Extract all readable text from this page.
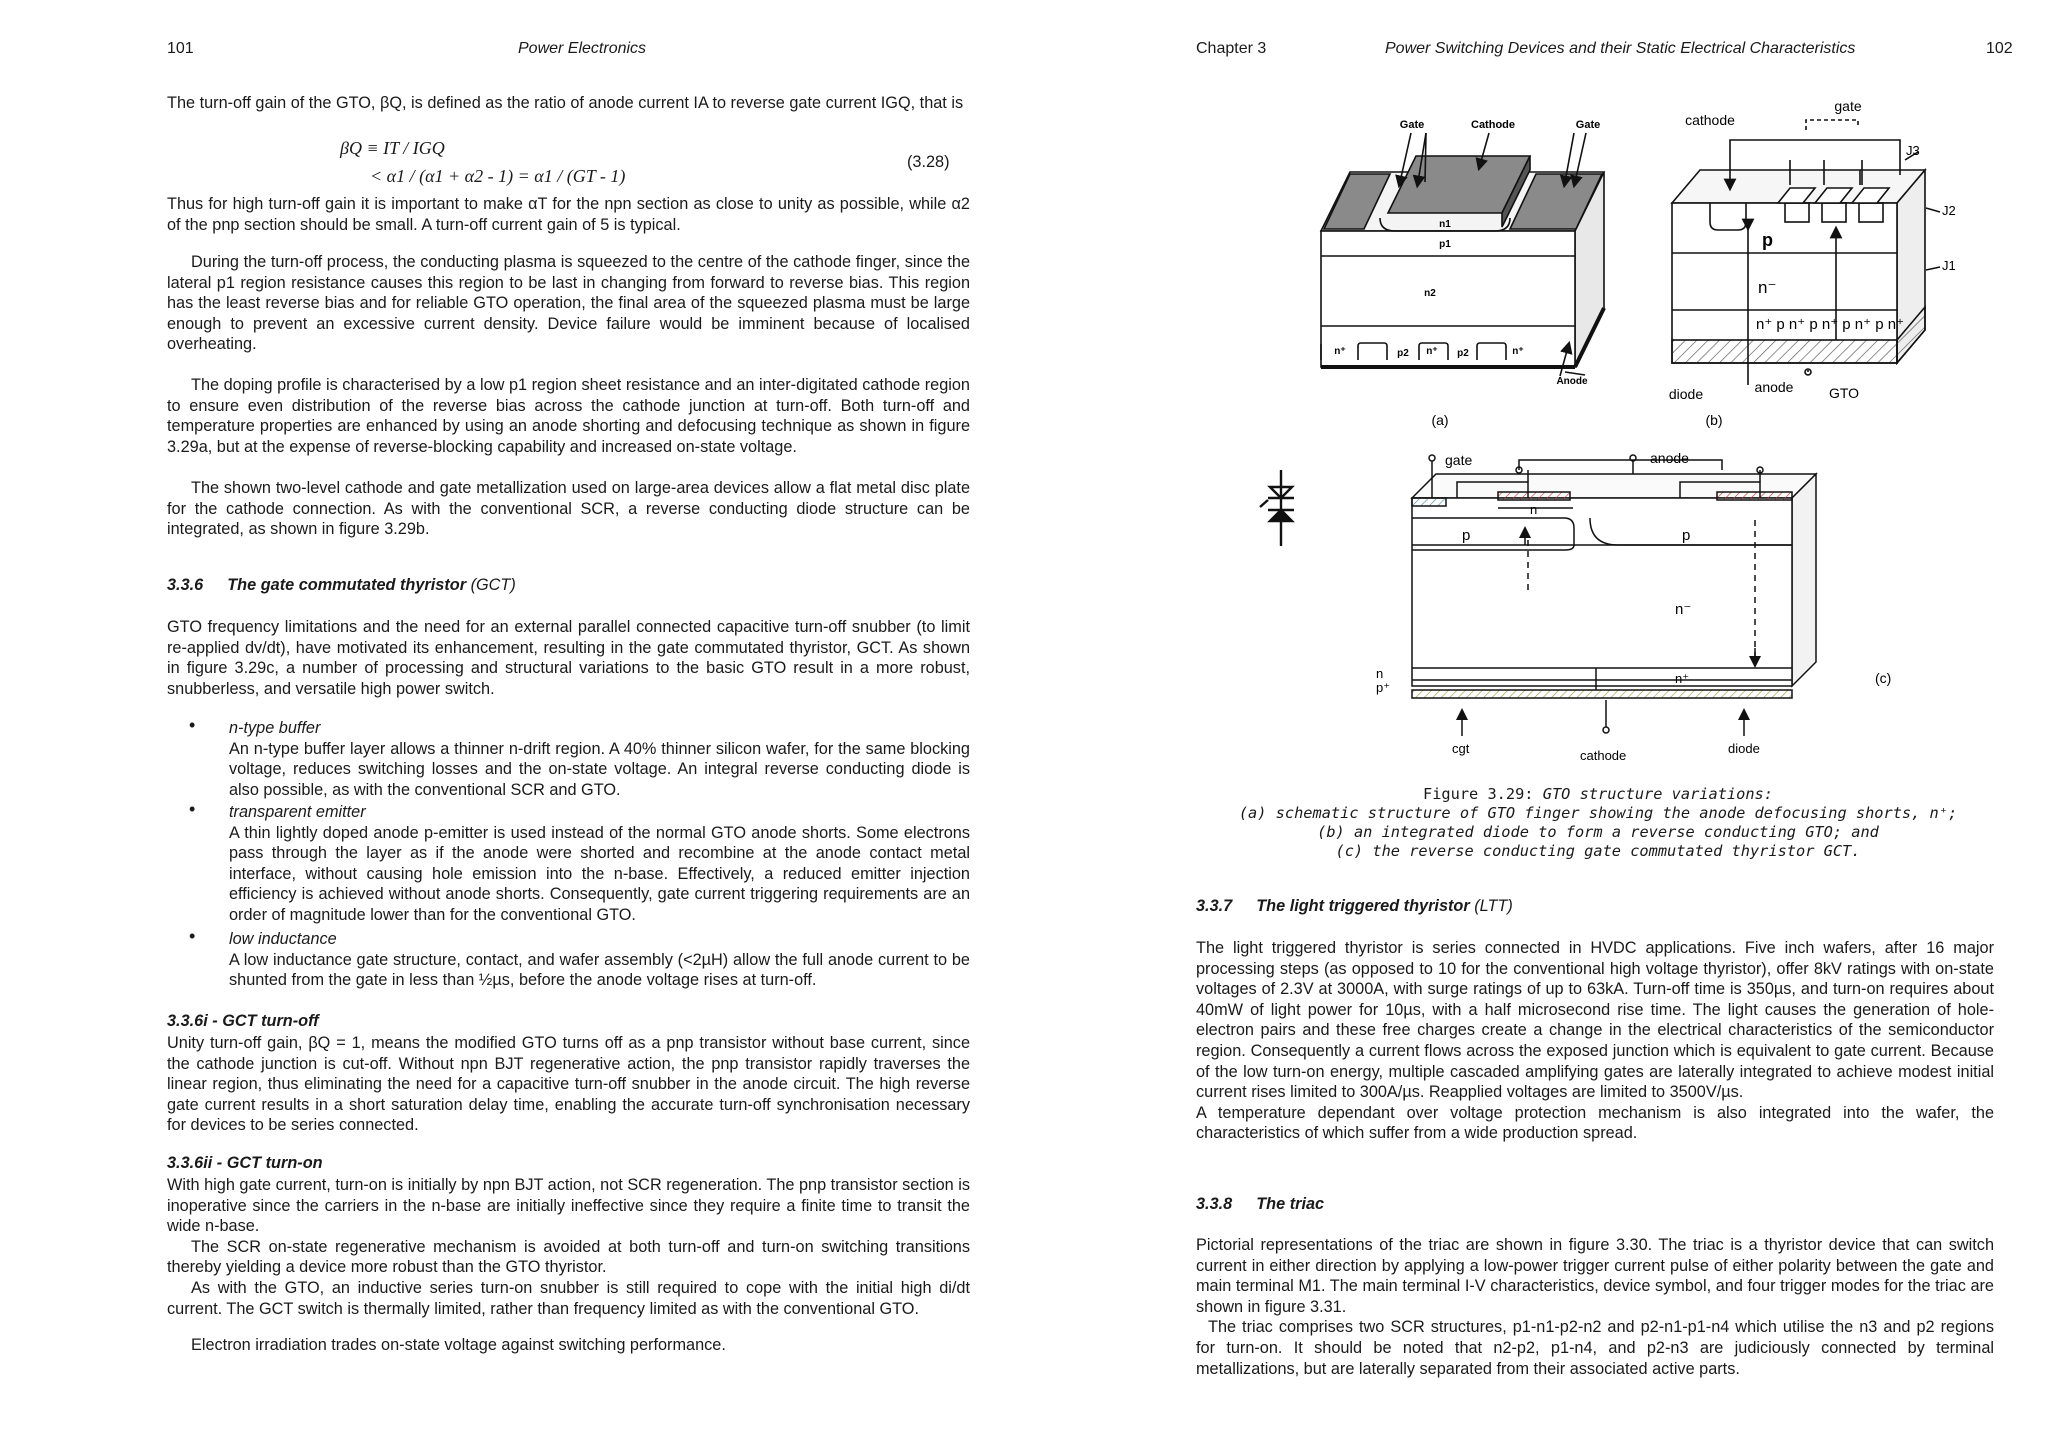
101	Power Electronics

The turn-off gain of the GTO, βQ, is defined as the ratio of anode current IA to reverse gate current IGQ, that is

βQ ≡ IT / IGQ
< α1 / (α1 + α2 - 1) = α1 / (GT - 1)
(3.28)

Thus for high turn-off gain it is important to make αT for the npn section as close to unity as possible, while α2 of the pnp section should be small. A turn-off current gain of 5 is typical.

During the turn-off process, the conducting plasma is squeezed to the centre of the cathode finger, since the lateral p1 region resistance causes this region to be last in changing from forward to reverse bias. This region has the least reverse bias and for reliable GTO operation, the final area of the squeezed plasma must be large enough to prevent an excessive current density. Device failure would be imminent because of localised overheating.

The doping profile is characterised by a low p1 region sheet resistance and an inter-digitated cathode region to ensure even distribution of the reverse bias across the cathode junction at turn-off. Both turn-off and temperature properties are enhanced by using an anode shorting and defocusing technique as shown in figure 3.29a, but at the expense of reverse-blocking capability and increased on-state voltage.

The shown two-level cathode and gate metallization used on large-area devices allow a flat metal disc plate for the cathode connection. As with the conventional SCR, a reverse conducting diode structure can be integrated, as shown in figure 3.29b.

3.3.6 The gate commutated thyristor (GCT)

GTO frequency limitations and the need for an external parallel connected capacitive turn-off snubber (to limit re-applied dv/dt), have motivated its enhancement, resulting in the gate commutated thyristor, GCT. As shown in figure 3.29c, a number of processing and structural variations to the basic GTO result in a more robust, snubberless, and versatile high power switch.

• n-type buffer

An n-type buffer layer allows a thinner n-drift region. A 40% thinner silicon wafer, for the same blocking voltage, reduces switching losses and the on-state voltage. An integral reverse conducting diode is also possible, as with the conventional SCR and GTO.

• transparent emitter

A thin lightly doped anode p-emitter is used instead of the normal GTO anode shorts. Some electrons pass through the layer as if the anode were shorted and recombine at the anode contact metal interface, without causing hole emission into the n-base. Effectively, a reduced emitter injection efficiency is achieved without anode shorts. Consequently, gate current triggering requirements are an order of magnitude lower than for the conventional GTO.

• low inductance

A low inductance gate structure, contact, and wafer assembly (<2µH) allow the full anode current to be shunted from the gate in less than ½µs, before the anode voltage rises at turn-off.

3.3.6i - GCT turn-off

Unity turn-off gain, βQ = 1, means the modified GTO turns off as a pnp transistor without base current, since the cathode junction is cut-off. Without npn BJT regenerative action, the pnp transistor rapidly traverses the linear region, thus eliminating the need for a capacitive turn-off snubber in the anode circuit. The high reverse gate current results in a short saturation delay time, enabling the accurate turn-off synchronisation necessary for devices to be series connected.

3.3.6ii - GCT turn-on

With high gate current, turn-on is initially by npn BJT action, not SCR regeneration. The pnp transistor section is inoperative since the carriers in the n-base are initially ineffective since they require a finite time to transit the wide n-base.

The SCR on-state regenerative mechanism is avoided at both turn-off and turn-on switching transitions thereby yielding a device more robust than the GTO thyristor.

As with the GTO, an inductive series turn-on snubber is still required to cope with the initial high di/dt current. The GCT switch is thermally limited, rather than frequency limited as with the conventional GTO.

Electron irradiation trades on-state voltage against switching performance.

Chapter 3	Power Switching Devices and their Static Electrical Characteristics	102
Gate	Cathode	Gate
n1
p1
n2
n⁺	p2 n⁺ p2	n⁺
Anode
(a)
cathode
gate
J3
J2
J1
p
n⁻
n⁺ p n⁺ p n⁺ p n⁺ p n⁺
diode	anode	GTO
(b)
gate	anode
n
p	p
n⁻
n⁺
n
p⁺
cgt	cathode	diode
(c)
Figure 3.29: GTO structure variations:
(a) schematic structure of GTO finger showing the anode defocusing shorts, n⁺;
(b) an integrated diode to form a reverse conducting GTO; and
(c) the reverse conducting gate commutated thyristor GCT.
3.3.7 The light triggered thyristor (LTT)

The light triggered thyristor is series connected in HVDC applications. Five inch wafers, after 16 major processing steps (as opposed to 10 for the conventional high voltage thyristor), offer 8kV ratings with on-state voltages of 2.3V at 3000A, with surge ratings of up to 63kA. Turn-off time is 350µs, and turn-on requires about 40mW of light power for 10µs, with a half microsecond rise time. The light causes the generation of hole-electron pairs and these free charges create a change in the electrical characteristics of the semiconductor region. Consequently a current flows across the exposed junction which is equivalent to gate current. Because of the low turn-on energy, multiple cascaded amplifying gates are laterally integrated to achieve modest initial current rises limited to 300A/µs. Reapplied voltages are limited to 3500V/µs.

A temperature dependant over voltage protection mechanism is also integrated into the wafer, the characteristics of which suffer from a wide production spread.

3.3.8 The triac

Pictorial representations of the triac are shown in figure 3.30. The triac is a thyristor device that can switch current in either direction by applying a low-power trigger current pulse of either polarity between the gate and main terminal M1. The main terminal I-V characteristics, device symbol, and four trigger modes for the triac are shown in figure 3.31.

The triac comprises two SCR structures, p1-n1-p2-n2 and p2-n1-p1-n4 which utilise the n3 and p2 regions for turn-on. It should be noted that n2-p2, p1-n4, and p2-n3 are judiciously connected by terminal metallizations, but are laterally separated from their associated active parts.
